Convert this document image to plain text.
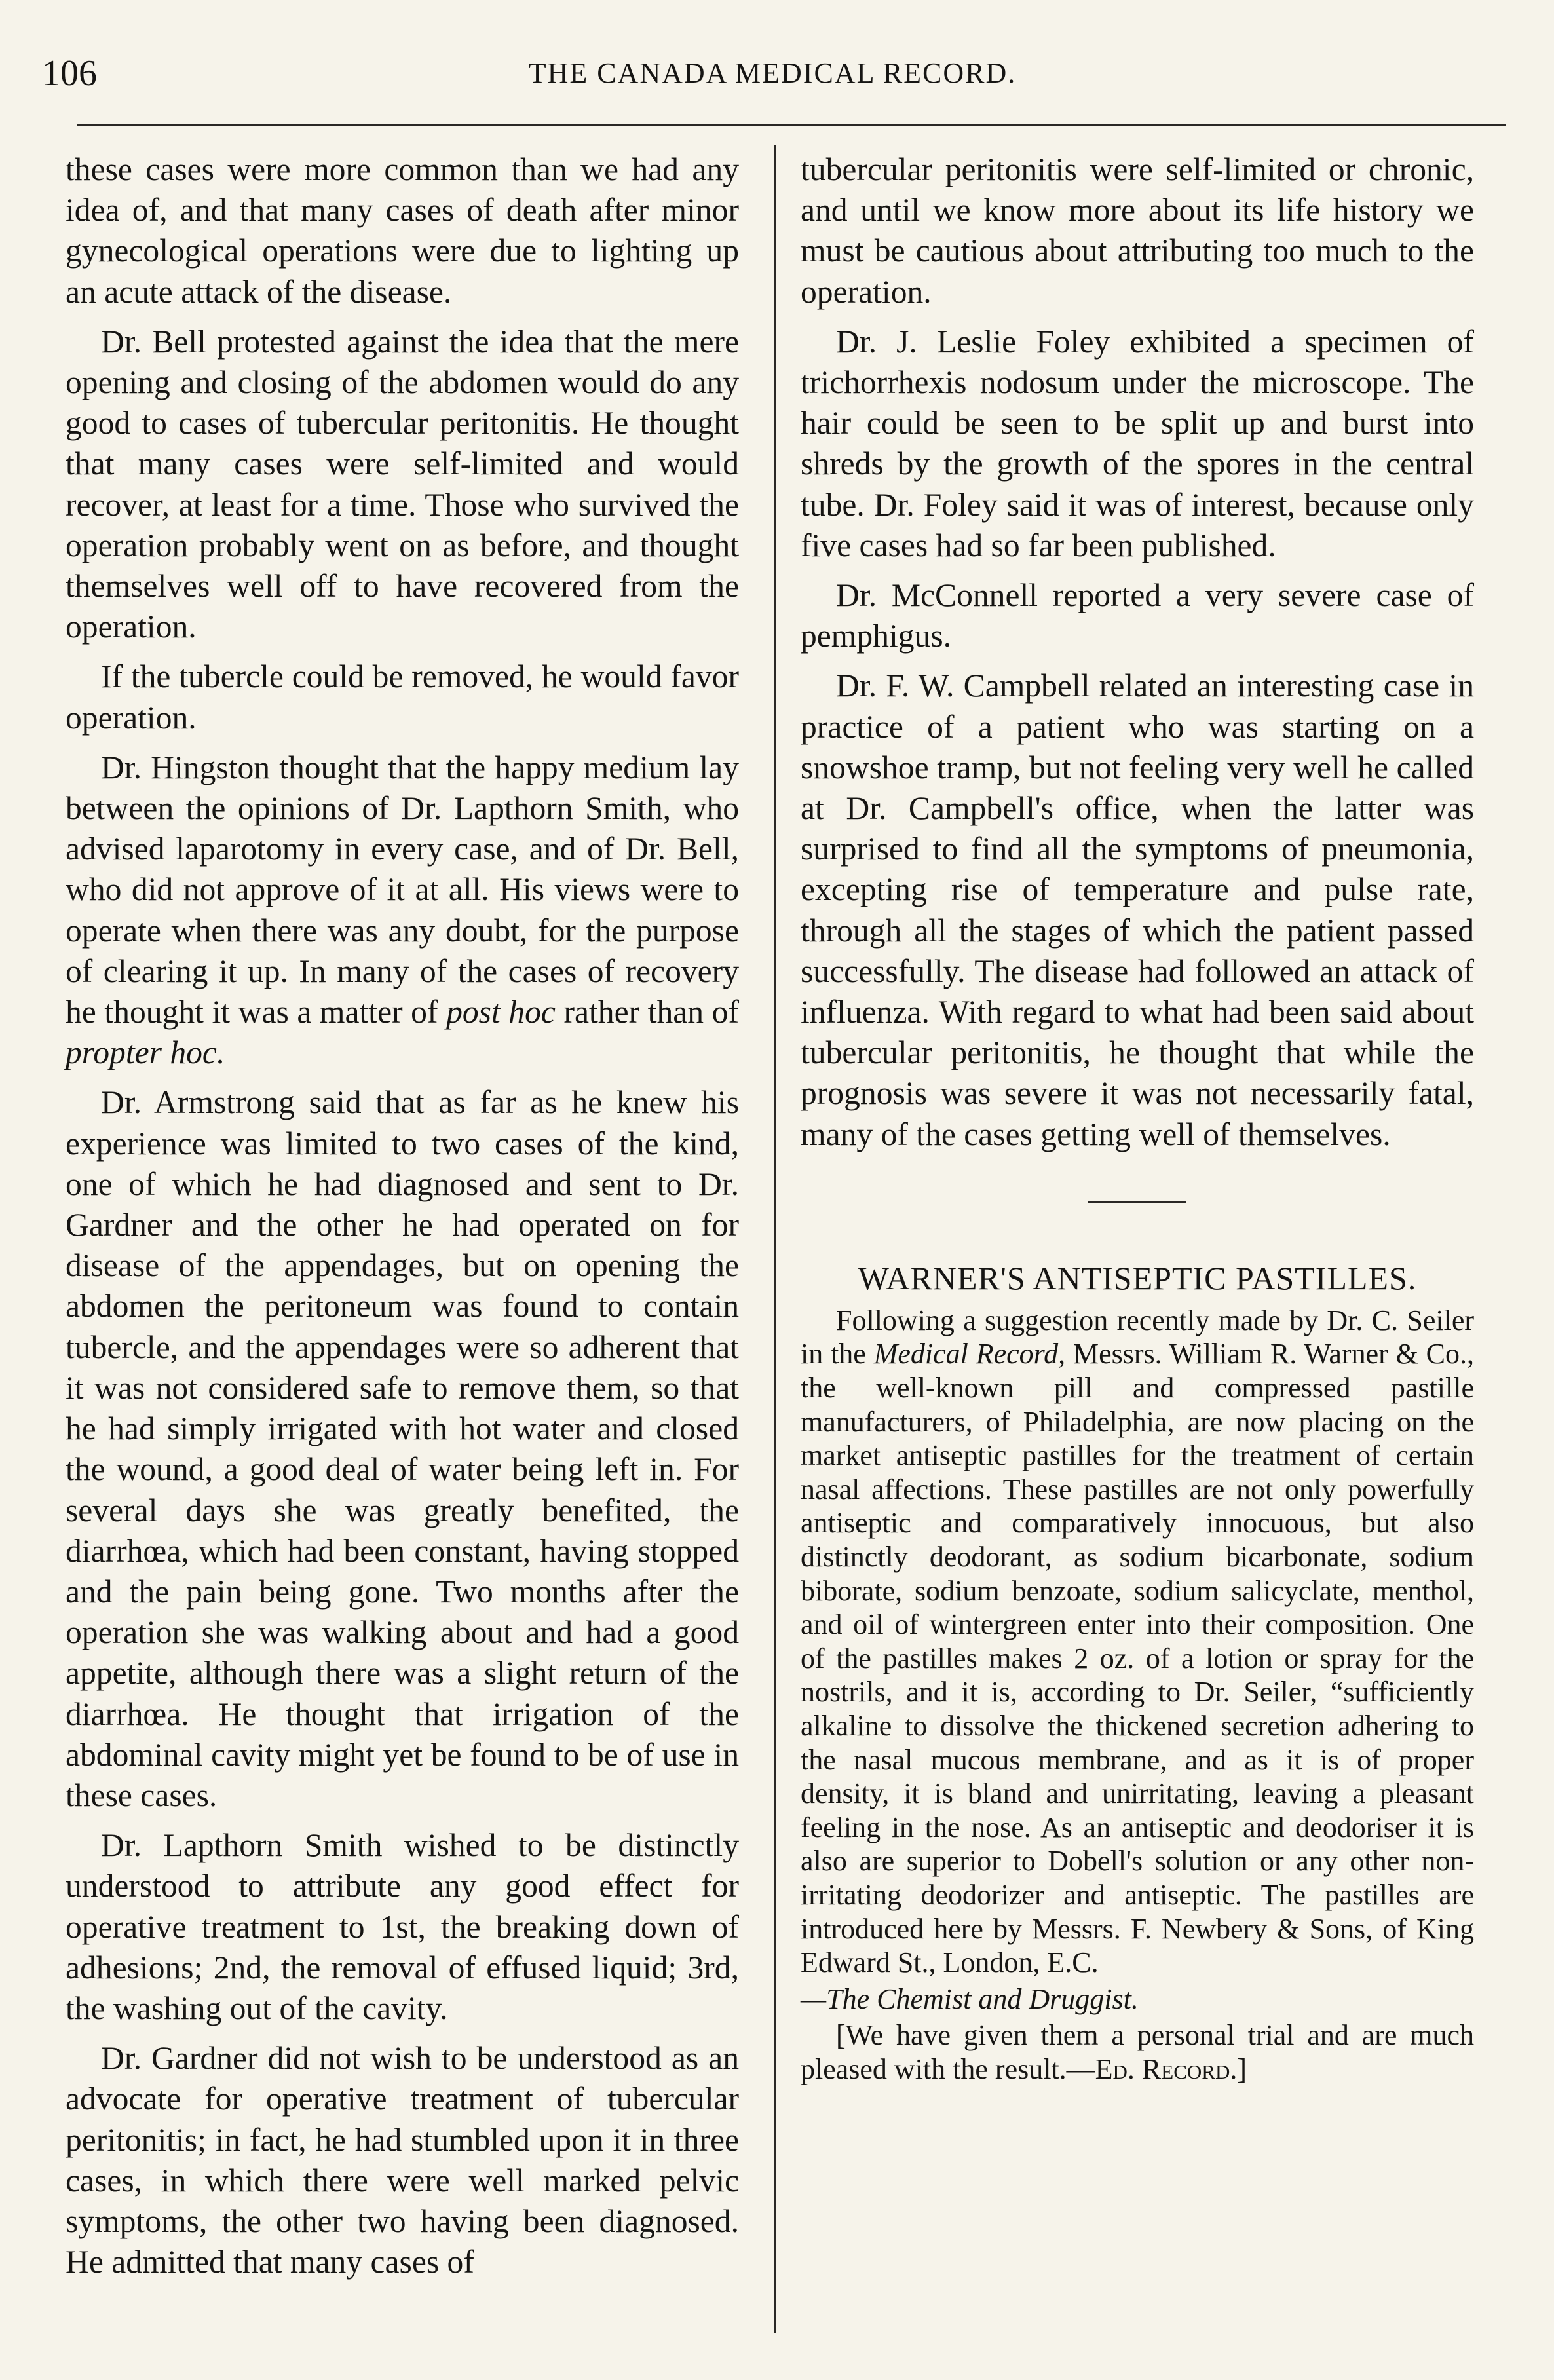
106	THE CANADA MEDICAL RECORD.

these cases were more common than we had any idea of, and that many cases of death after minor gynecological operations were due to lighting up an acute attack of the disease.

Dr. Bell protested against the idea that the mere opening and closing of the abdomen would do any good to cases of tubercular peritonitis. He thought that many cases were self-limited and would recover, at least for a time. Those who survived the operation probably went on as before, and thought themselves well off to have recovered from the operation.

If the tubercle could be removed, he would favor operation.

Dr. Hingston thought that the happy medium lay between the opinions of Dr. Lapthorn Smith, who advised laparotomy in every case, and of Dr. Bell, who did not approve of it at all. His views were to operate when there was any doubt, for the purpose of clearing it up. In many of the cases of recovery he thought it was a matter of post hoc rather than of propter hoc.

Dr. Armstrong said that as far as he knew his experience was limited to two cases of the kind, one of which he had diagnosed and sent to Dr. Gardner and the other he had operated on for disease of the appendages, but on opening the abdomen the peritoneum was found to contain tubercle, and the appendages were so adherent that it was not considered safe to remove them, so that he had simply irrigated with hot water and closed the wound, a good deal of water being left in. For several days she was greatly benefited, the diarrhœa, which had been constant, having stopped and the pain being gone. Two months after the operation she was walking about and had a good appetite, although there was a slight return of the diarrhœa. He thought that irrigation of the abdominal cavity might yet be found to be of use in these cases.

Dr. Lapthorn Smith wished to be distinctly understood to attribute any good effect for operative treatment to 1st, the breaking down of adhesions; 2nd, the removal of effused liquid; 3rd, the washing out of the cavity.

Dr. Gardner did not wish to be understood as an advocate for operative treatment of tubercular peritonitis; in fact, he had stumbled upon it in three cases, in which there were well marked pelvic symptoms, the other two having been diagnosed. He admitted that many cases of

tubercular peritonitis were self-limited or chronic, and until we know more about its life history we must be cautious about attributing too much to the operation.

Dr. J. Leslie Foley exhibited a specimen of trichorrhexis nodosum under the microscope. The hair could be seen to be split up and burst into shreds by the growth of the spores in the central tube. Dr. Foley said it was of interest, because only five cases had so far been published.

Dr. McConnell reported a very severe case of pemphigus.

Dr. F. W. Campbell related an interesting case in practice of a patient who was starting on a snowshoe tramp, but not feeling very well he called at Dr. Campbell's office, when the latter was surprised to find all the symptoms of pneumonia, excepting rise of temperature and pulse rate, through all the stages of which the patient passed successfully. The disease had followed an attack of influenza. With regard to what had been said about tubercular peritonitis, he thought that while the prognosis was severe it was not necessarily fatal, many of the cases getting well of themselves.

WARNER'S ANTISEPTIC PASTILLES.

Following a suggestion recently made by Dr. C. Seiler in the Medical Record, Messrs. William R. Warner & Co., the well-known pill and compressed pastille manufacturers, of Philadelphia, are now placing on the market antiseptic pastilles for the treatment of certain nasal affections. These pastilles are not only powerfully antiseptic and comparatively innocuous, but also distinctly deodorant, as sodium bicarbonate, sodium biborate, sodium benzoate, sodium salicyclate, menthol, and oil of wintergreen enter into their composition. One of the pastilles makes 2 oz. of a lotion or spray for the nostrils, and it is, according to Dr. Seiler, “sufficiently alkaline to dissolve the thickened secretion adhering to the nasal mucous membrane, and as it is of proper density, it is bland and unirritating, leaving a pleasant feeling in the nose. As an antiseptic and deodoriser it is also are superior to Dobell's solution or any other non-irritating deodorizer and antiseptic. The pastilles are introduced here by Messrs. F. Newbery & Sons, of King Edward St., London, E.C.

—The Chemist and Druggist.

[We have given them a personal trial and are much pleased with the result.—Ed. Record.]
